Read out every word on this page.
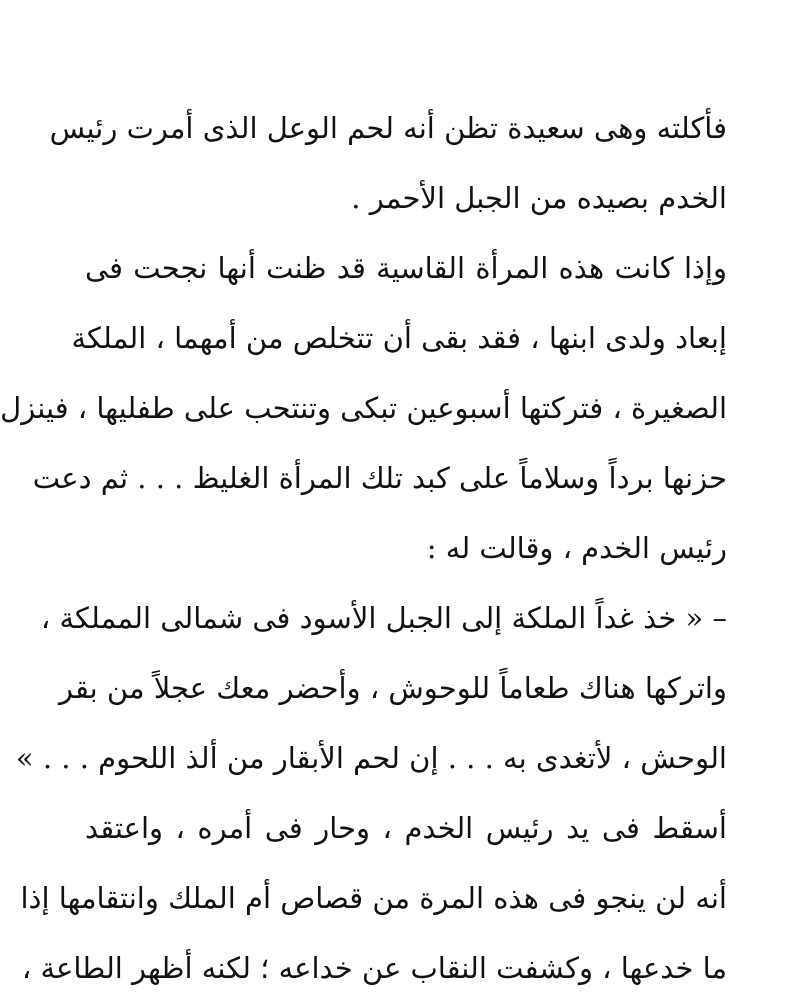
فأكلته وهى سعيدة تظن أنه لحم الوعل الذى أمرت رئيس
الخدم بصيده من الجبل الأحمر .
وإذا كانت هذه المرأة القاسية قد ظنت أنها نجحت فى
إبعاد ولدى ابنها ، فقد بقى أن تتخلص من أمهما ، الملكة
الصغيرة ، فتركتها أسبوعين تبكى وتنتحب على طفليها ، فينزل
حزنها برداً وسلاماً على كبد تلك المرأة الغليظ . . . ثم دعت
رئيس الخدم ، وقالت له :
– « خذ غداً الملكة إلى الجبل الأسود فى شمالى المملكة ،
واتركها هناك طعاماً للوحوش ، وأحضر معك عجلاً من بقر
الوحش ، لأتغدى به . . . إن لحم الأبقار من ألذ اللحوم . . . »
أسقط فى يد رئيس الخدم ، وحار فى أمره ، واعتقد
أنه لن ينجو فى هذه المرة من قصاص أم الملك وانتقامها إذا
ما خدعها ، وكشفت النقاب عن خداعه ؛ لكنه أظهر الطاعة ،
